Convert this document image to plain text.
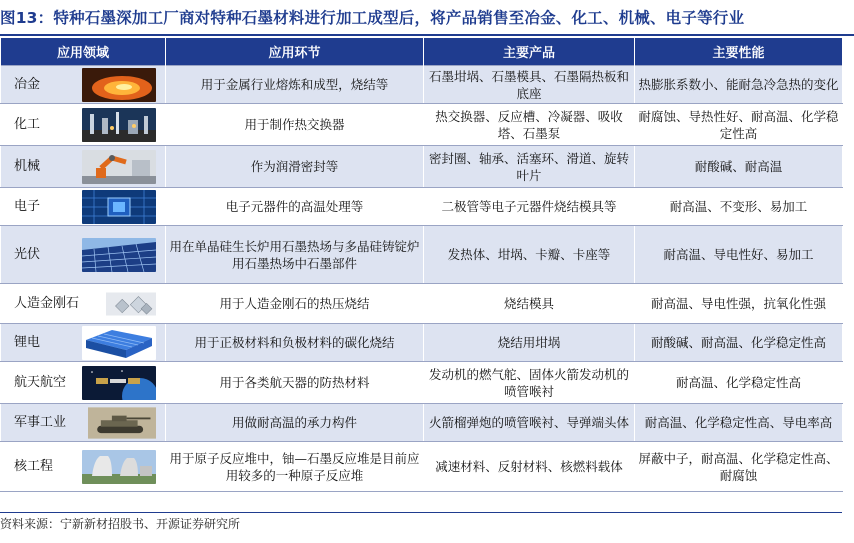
图13：特种石墨深加工厂商对特种石墨材料进行加工成型后，将产品销售至冶金、化工、机械、电子等行业
应用领域	应用环节	主要产品	主要性能

冶金	用于金属行业熔炼和成型，烧结等	石墨坩埚、石墨模具、石墨隔热板和底座	热膨胀系数小、能耐急冷急热的变化

化工	用于制作热交换器	热交换器、反应槽、冷凝器、吸收塔、石墨泵	耐腐蚀、导热性好、耐高温、化学稳定性高

机械	作为润滑密封等	密封圈、轴承、活塞环、滑道、旋转叶片	耐酸碱、耐高温

电子	电子元器件的高温处理等	二极管等电子元器件烧结模具等	耐高温、不变形、易加工

光伏	用在单晶硅生长炉用石墨热场与多晶硅铸锭炉用石墨热场中石墨部件	发热体、坩埚、卡瓣、卡座等	耐高温、导电性好、易加工

人造金刚石	用于人造金刚石的热压烧结	烧结模具	耐高温、导电性强，抗氧化性强

锂电	用于正极材料和负极材料的碳化烧结	烧结用坩埚	耐酸碱、耐高温、化学稳定性高

航天航空	用于各类航天器的防热材料	发动机的燃气舵、固体火箭发动机的喷管喉衬	耐高温、化学稳定性高

军事工业	用做耐高温的承力构件	火箭榴弹炮的喷管喉衬、导弹端头体	耐高温、化学稳定性高、导电率高

核工程	用于原子反应堆中，铀—石墨反应堆是目前应用较多的一种原子反应堆	减速材料、反射材料、核燃料载体	屏蔽中子，耐高温、化学稳定性高、耐腐蚀
资料来源：宁新新材招股书、开源证券研究所
